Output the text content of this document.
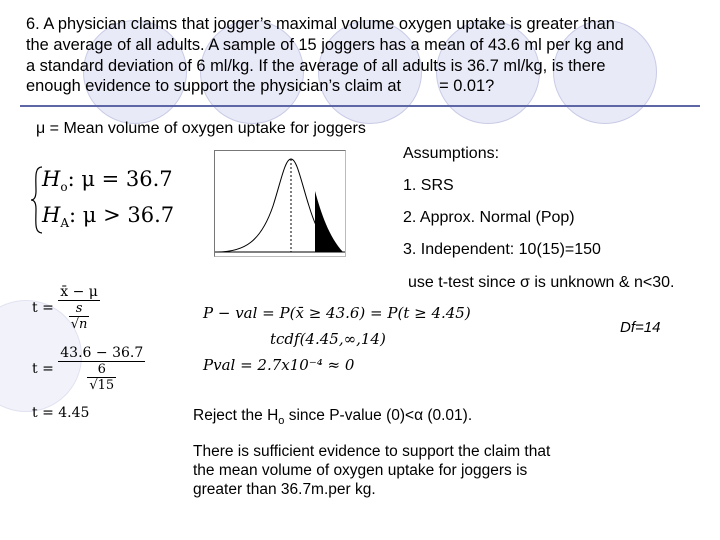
6. A physician claims that jogger’s maximal volume oxygen uptake is greater than
the average of all adults. A sample of 15 joggers has a mean of 43.6 ml per kg and
a standard deviation of 6 ml/kg. If the average of all adults is 36.7 ml/kg, is there
enough evidence to support the physician’s claim at = 0.01?
μ = Mean volume of oxygen uptake for joggers
$H_o$: μ = 36.7
$H_A$: μ > 36.7
Assumptions:
1. SRS
2. Approx. Normal (Pop)
3. Independent: 10(15)=150
use t-test since σ is unknown & n<30.
Df=14
$t = \frac{x̄ - \mu}{\frac{s}{√n}}$
$t = \frac{43.6 - 36.7}{\frac{6}{√15}}$
t = 4.45
P − val = P(x̄ ≥ 43.6) = P(t ≥ 4.45)
tcdf(4.45,∞,14)
Pval = 2.7x10⁻⁴ ≈ 0
Reject the $H_o$ since P-value (0)<α (0.01).
There is sufficient evidence to support the claim that
the mean volume of oxygen uptake for joggers is
greater than 36.7m.per kg.
